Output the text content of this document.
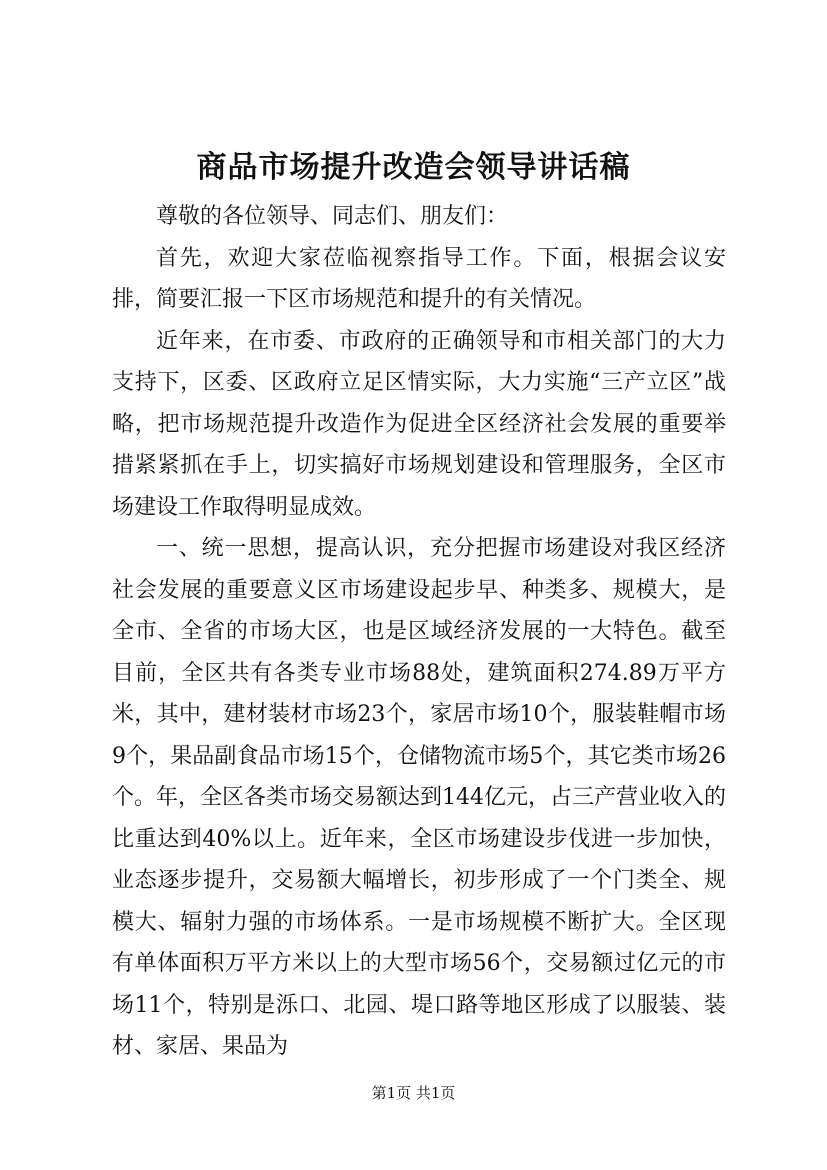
商品市场提升改造会领导讲话稿

尊敬的各位领导、同志们、朋友们：

首先，欢迎大家莅临视察指导工作。下面，根据会议安排，简要汇报一下区市场规范和提升的有关情况。

近年来，在市委、市政府的正确领导和市相关部门的大力支持下，区委、区政府立足区情实际，大力实施“三产立区”战略，把市场规范提升改造作为促进全区经济社会发展的重要举措紧紧抓在手上，切实搞好市场规划建设和管理服务，全区市场建设工作取得明显成效。

一、统一思想，提高认识，充分把握市场建设对我区经济社会发展的重要意义区市场建设起步早、种类多、规模大，是全市、全省的市场大区，也是区域经济发展的一大特色。截至目前，全区共有各类专业市场88处，建筑面积274.89万平方米，其中，建材装材市场23个，家居市场10个，服装鞋帽市场9个，果品副食品市场15个，仓储物流市场5个，其它类市场26个。年，全区各类市场交易额达到144亿元，占三产营业收入的比重达到40%以上。近年来，全区市场建设步伐进一步加快，业态逐步提升，交易额大幅增长，初步形成了一个门类全、规模大、辐射力强的市场体系。一是市场规模不断扩大。全区现有单体面积万平方米以上的大型市场56个，交易额过亿元的市场11个，特别是泺口、北园、堤口路等地区形成了以服装、装材、家居、果品为

第1页 共1页
